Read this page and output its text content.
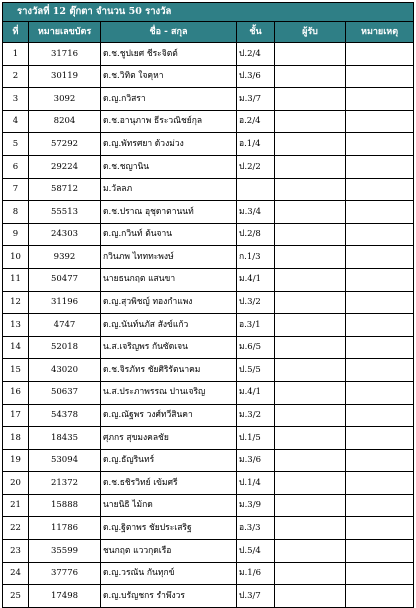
รางวัลที่ 12 ตุ๊กตา จำนวน 50 รางวัล					
ที่	หมายเลขบัตร	ชื่อ - สกุล	ชั้น	ผู้รับ	หมายเหตุ
1	31716	ด.ช.ชูปเยศ ชีระจิตต์	ป.2/4		
2	30119	ด.ช.วิทิต ใจคุหา	ป.3/6		
3	3092	ด.ญ.กวิสรา	ม.3/7		
4	8204	ด.ช.อานุภาพ ธีระวณิชย์กุล	อ.2/4		
5	57292	ด.ญ.พัทรศยา ด้วงม่วง	อ.1/4		
6	29224	ด.ช.ชญานิน	ป.2/2		
7	58712	ม.วัลลภ			
8	55513	ด.ช.ปราณ อุชุดาตานนท์	ม.3/4		
9	24303	ด.ญ.กวินท์ ต้นจาน	ป.2/8		
10	9392	กวินภพ ไทททะพงษ์	ก.1/3		
11	50477	นายธนกฤต แสนขา	ม.4/1		
12	31196	ด.ญ.สุวพิชญ์ ทองกำแพง	ป.3/2		
13	4747	ด.ญ.นันท์นภัส สังข์แก้ว	อ.3/1		
14	52018	น.ส.เจริญพร กันซัดเจน	ม.6/5		
15	43020	ด.ช.จิรภัทร ชัยศิริรัตนาคม	ป.5/5		
16	50637	น.ส.ประภาพรรณ ปานเจริญ	ม.4/1		
17	54378	ด.ญ.ณัฐพร วงศ์ทวีสินคา	ม.3/2		
18	18435	ศุภกร สุขมงคลชัย	ป.1/5		
19	53094	ด.ญ.ธัญรินทร์	ม.3/6		
20	21372	ด.ช.ธชิรวิทย์ เข้มศรี	ป.1/4		
21	15888	นายนิธิ ไม้กด	ม.3/9		
22	11786	ด.ญ.ฐิตาพร ชัยประเสริฐ	อ.3/3		
23	35599	ชนกฤต แววกุดเรือ	ป.5/4		
24	37776	ด.ญ.วรณัน กันทุกข์	ม.1/6		
25	17498	ด.ญ.บรัญชกร รำพึงวร	ป.3/7		
